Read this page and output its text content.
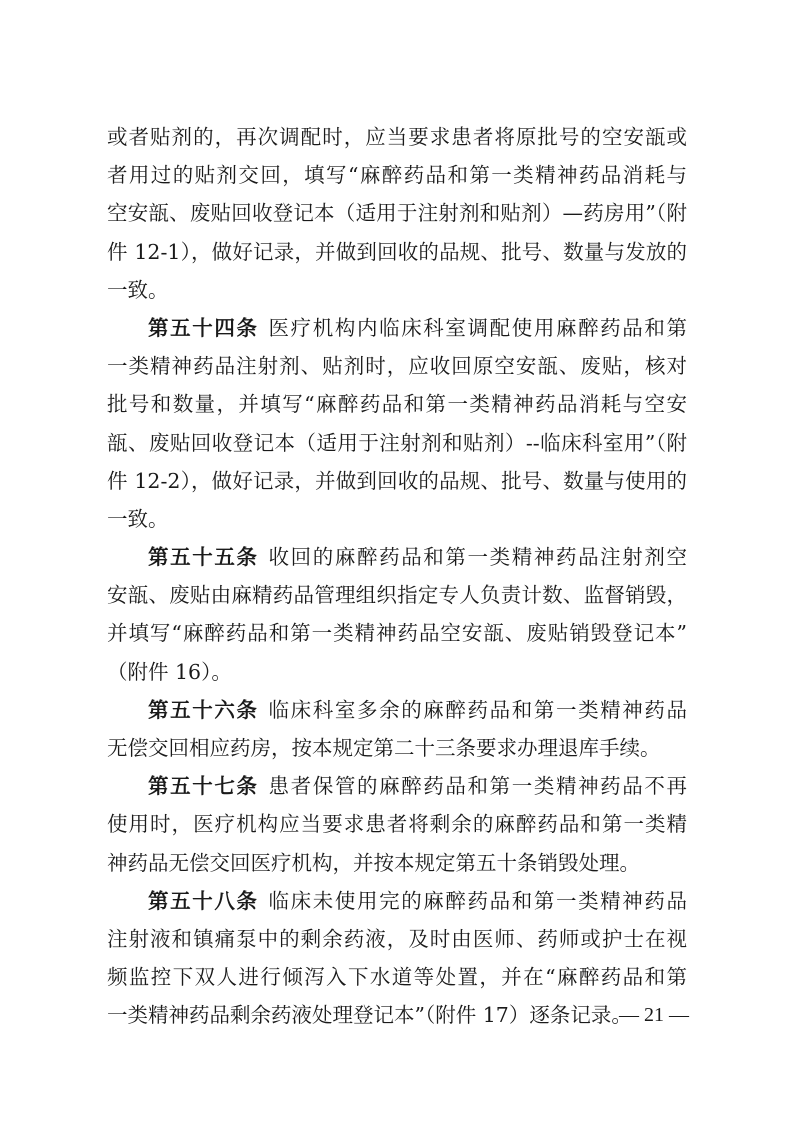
或者贴剂的，再次调配时，应当要求患者将原批号的空安瓿或
者用过的贴剂交回，填写“麻醉药品和第一类精神药品消耗与
空安瓿、废贴回收登记本（适用于注射剂和贴剂）—药房用”（附
件 12-1），做好记录，并做到回收的品规、批号、数量与发放的
一致。
第五十四条 医疗机构内临床科室调配使用麻醉药品和第
一类精神药品注射剂、贴剂时，应收回原空安瓿、废贴，核对
批号和数量，并填写“麻醉药品和第一类精神药品消耗与空安
瓿、废贴回收登记本（适用于注射剂和贴剂）--临床科室用”（附
件 12-2），做好记录，并做到回收的品规、批号、数量与使用的
一致。
第五十五条 收回的麻醉药品和第一类精神药品注射剂空
安瓿、废贴由麻精药品管理组织指定专人负责计数、监督销毁，
并填写“麻醉药品和第一类精神药品空安瓿、废贴销毁登记本”
（附件 16）。
第五十六条 临床科室多余的麻醉药品和第一类精神药品
无偿交回相应药房，按本规定第二十三条要求办理退库手续。
第五十七条 患者保管的麻醉药品和第一类精神药品不再
使用时，医疗机构应当要求患者将剩余的麻醉药品和第一类精
神药品无偿交回医疗机构，并按本规定第五十条销毁处理。
第五十八条 临床未使用完的麻醉药品和第一类精神药品
注射液和镇痛泵中的剩余药液，及时由医师、药师或护士在视
频监控下双人进行倾泻入下水道等处置，并在“麻醉药品和第
一类精神药品剩余药液处理登记本”（附件 17）逐条记录。
— 21 —
